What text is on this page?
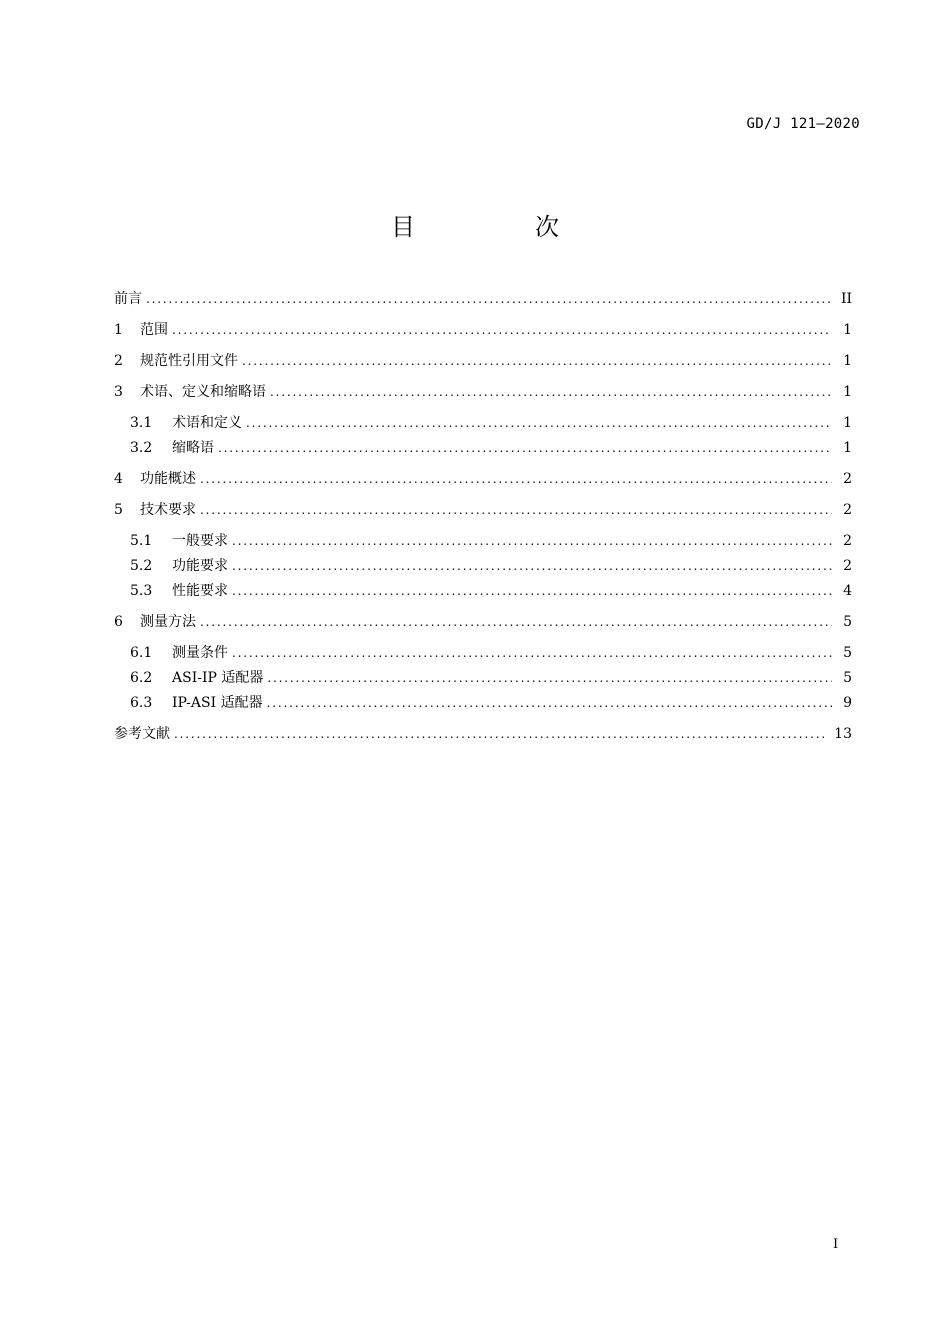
GD/J 121—2020
目　次
前言 . . .	II
1	范围 . . .	1
2	规范性引用文件 . . .	1
3	术语、定义和缩略语 . . .	1
3.1	术语和定义 . . .	1
3.2	缩略语 . . .	1
4	功能概述 . . .	2
5	技术要求 . . .	2
5.1	一般要求 . . .	2
5.2	功能要求 . . .	2
5.3	性能要求 . . .	4
6	测量方法 . . .	5
6.1	测量条件 . . .	5
6.2	ASI-IP 适配器 . . .	5
6.3	IP-ASI 适配器 . . .	9
参考文献 . . .	13
I
